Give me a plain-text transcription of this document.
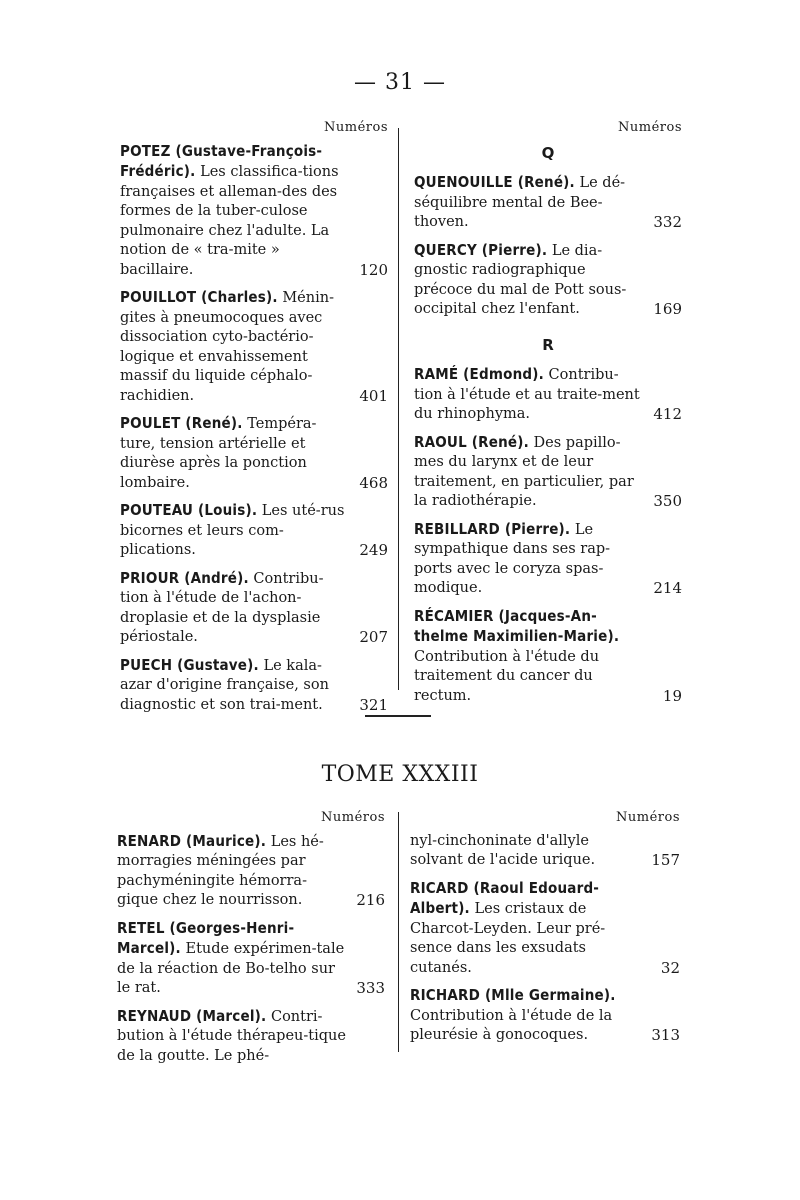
— 31 —
Numéros
POTEZ (Gustave-François-Frédéric). Les classifica-tions françaises et alleman-des des formes de la tuber-culose pulmonaire chez l'adulte. La notion de « tra-mite » bacillaire.	120
POUILLOT (Charles). Ménin-gites à pneumocoques avec dissociation cyto-bactério-logique et envahissement massif du liquide céphalo-rachidien.	401
POULET (René). Tempéra-ture, tension artérielle et diurèse après la ponction lombaire.	468
POUTEAU (Louis). Les uté-rus bicornes et leurs com-plications.	249
PRIOUR (André). Contribu-tion à l'étude de l'achon-droplasie et de la dysplasie périostale.	207
PUECH (Gustave). Le kala-azar d'origine française, son diagnostic et son trai-ment.	321
Numéros
Q
QUENOUILLE (René). Le dé-séquilibre mental de Bee-thoven.	332
QUERCY (Pierre). Le dia-gnostic radiographique précoce du mal de Pott sous-occipital chez l'enfant.	169
R
RAMÉ (Edmond). Contribu-tion à l'étude et au traite-ment du rhinophyma.	412
RAOUL (René). Des papillo-mes du larynx et de leur traitement, en particulier, par la radiothérapie.	350
REBILLARD (Pierre). Le sympathique dans ses rap-ports avec le coryza spas-modique.	214
RÉCAMIER (Jacques-An-thelme Maximilien-Marie). Contribution à l'étude du traitement du cancer du rectum.	19
TOME XXXIII
Numéros
RENARD (Maurice). Les hé-morragies méningées par pachyméningite hémorra-gique chez le nourrisson.	216
RETEL (Georges-Henri-Marcel). Etude expérimen-tale de la réaction de Bo-telho sur le rat.	333
REYNAUD (Marcel). Contri-bution à l'étude thérapeu-tique de la goutte. Le phé-
Numéros
nyl-cinchoninate d'allyle solvant de l'acide urique.	157
RICARD (Raoul Edouard-Albert). Les cristaux de Charcot-Leyden. Leur pré-sence dans les exsudats cutanés.	32
RICHARD (Mlle Germaine). Contribution à l'étude de la pleurésie à gonocoques.	313
